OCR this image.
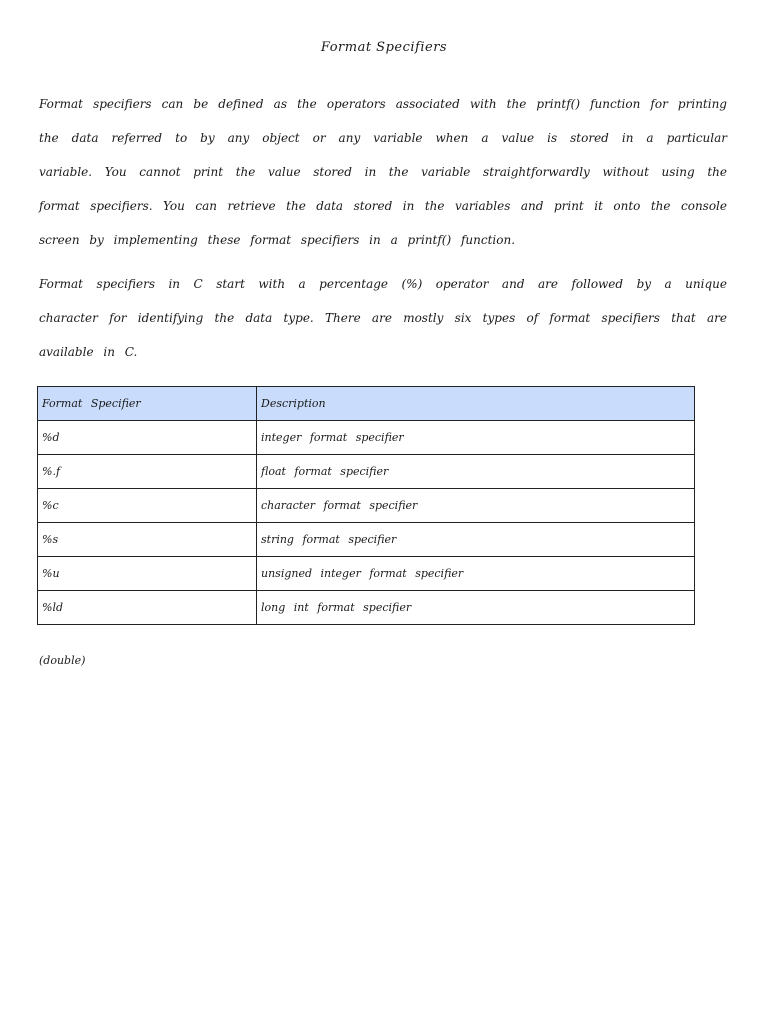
Format Specifiers
Format specifiers can be defined as the operators associated with the printf() function for printing the data referred to by any object or any variable when a value is stored in a particular variable. You cannot print the value stored in the variable straightforwardly without using the format specifiers. You can retrieve the data stored in the variables and print it onto the console screen by implementing these format specifiers in a printf() function.
Format specifiers in C start with a percentage (%) operator and are followed by a unique character for identifying the data type. There are mostly six types of format specifiers that are available in C.
Format Specifier	Description
%d	integer format specifier
%.f	float format specifier
%c	character format specifier
%s	string format specifier
%u	unsigned integer format specifier
%ld	long int format specifier
(double)
